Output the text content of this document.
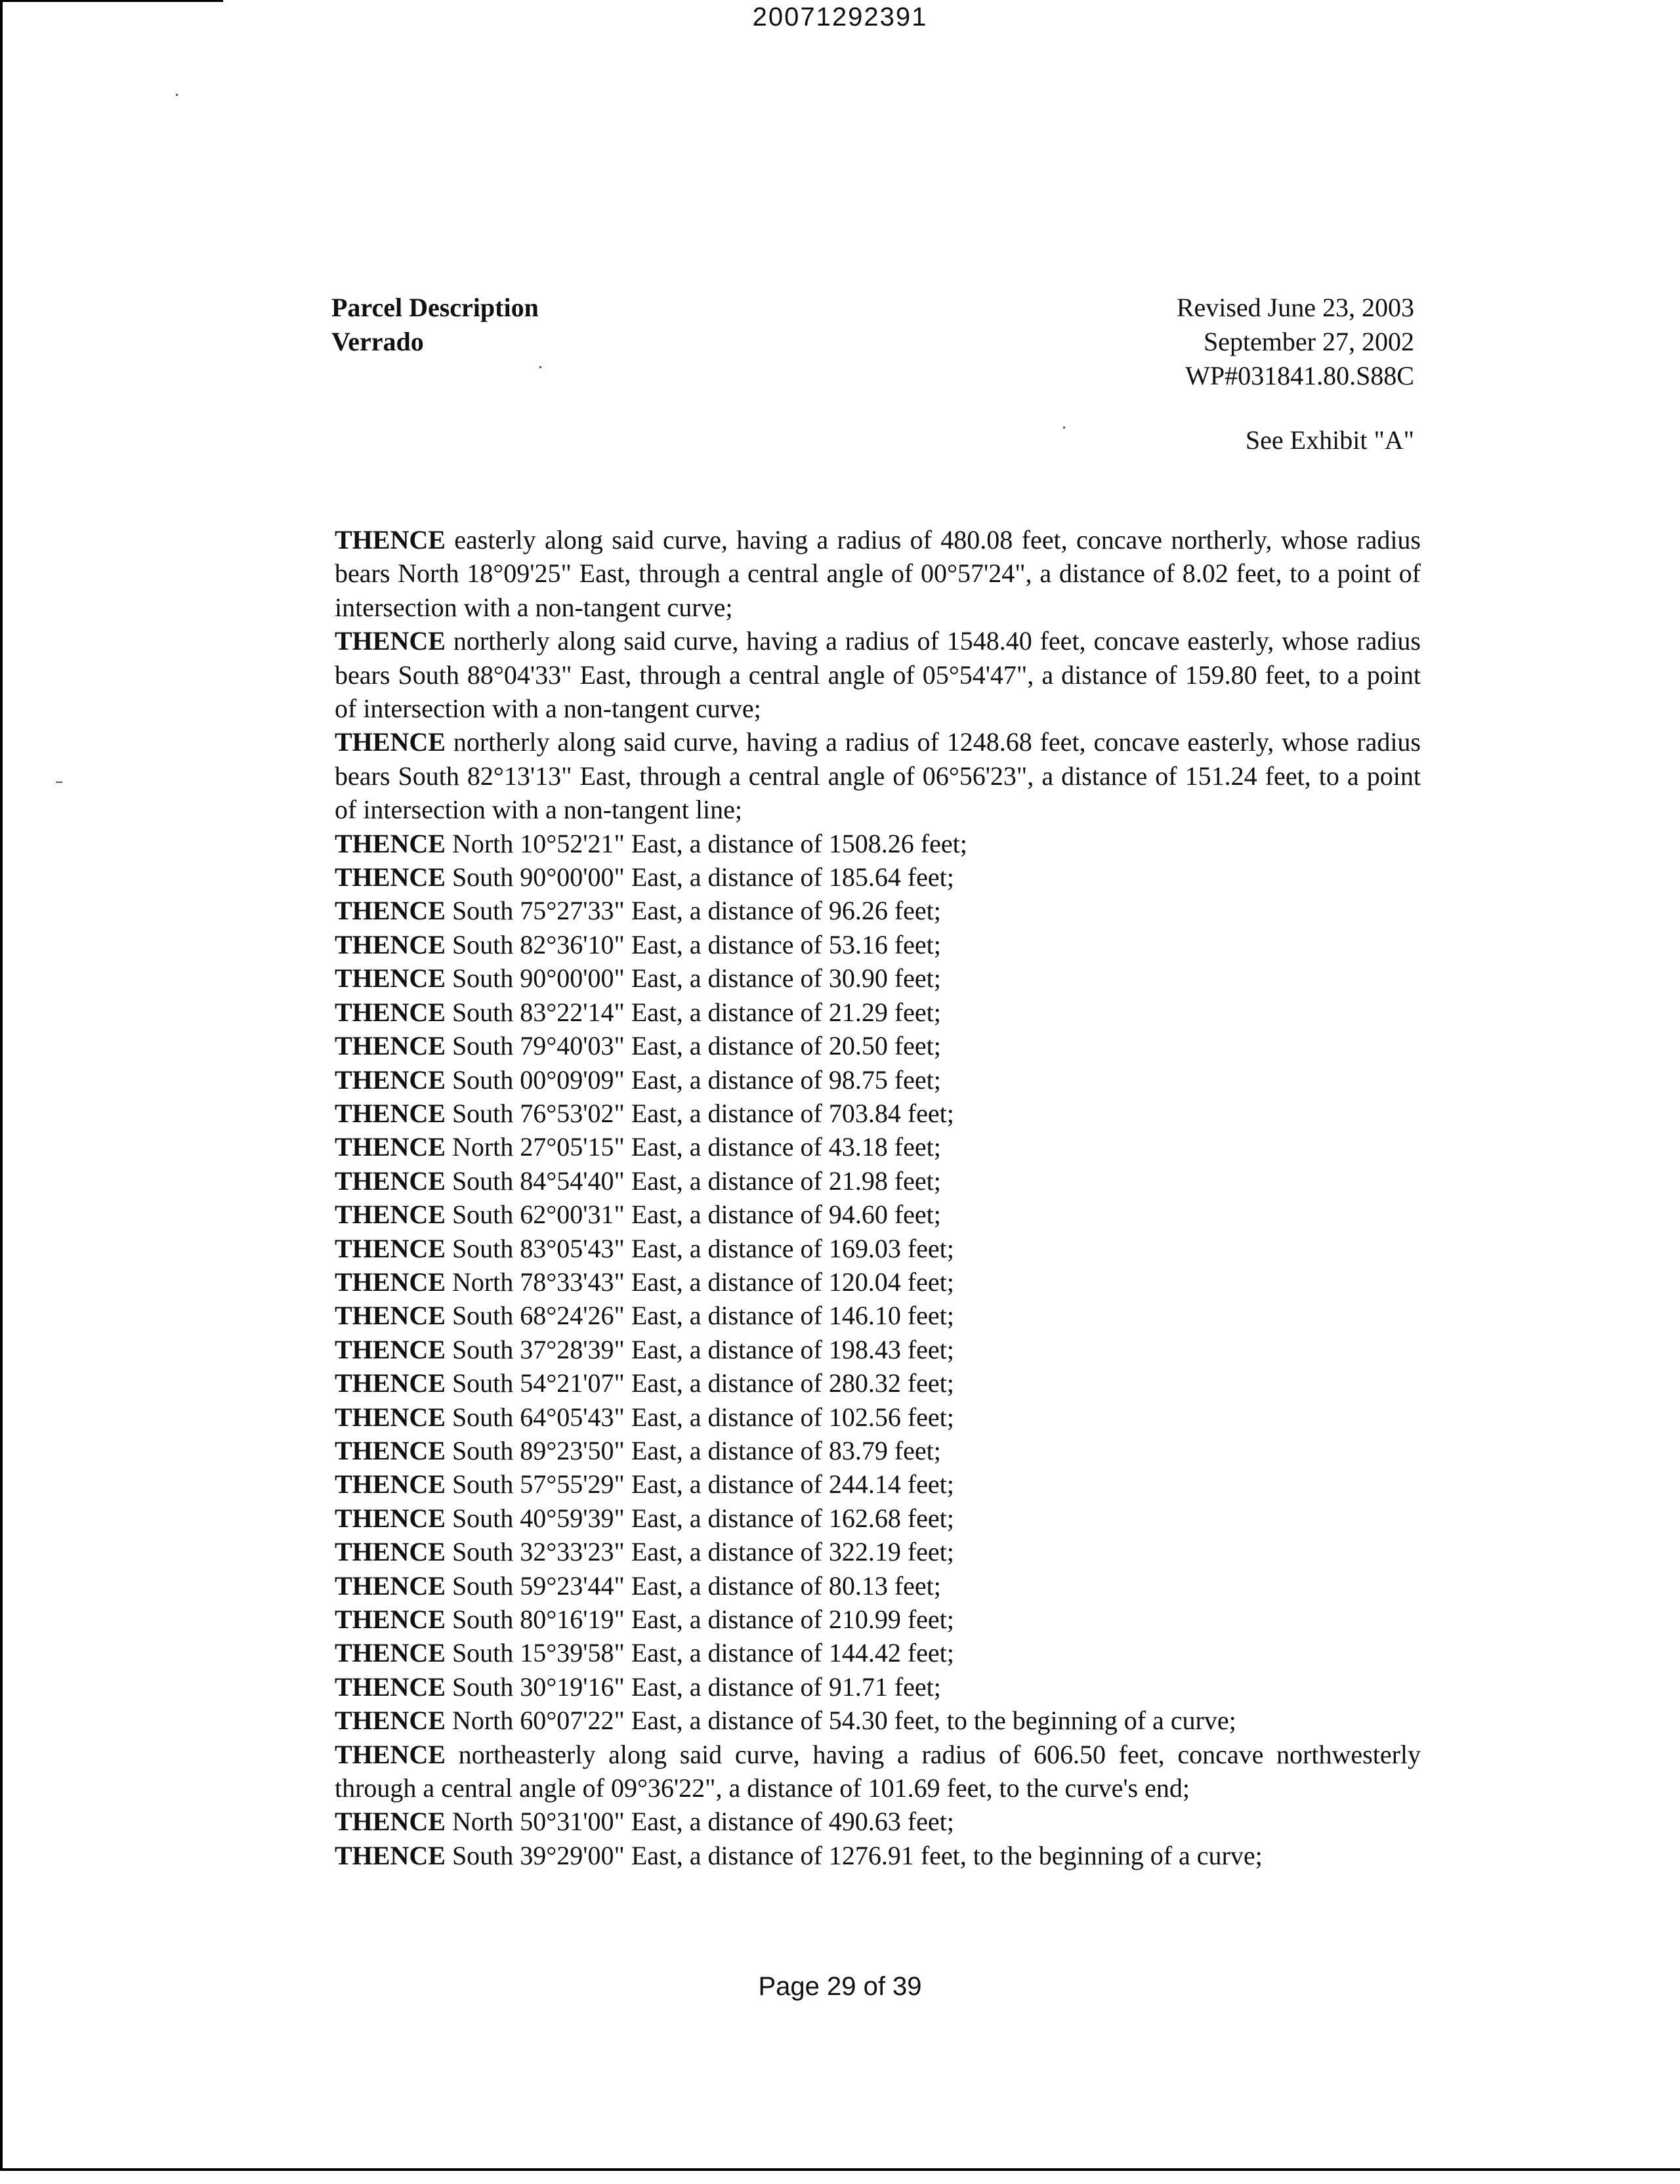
20071292391
Parcel Description
Verrado
Revised June 23, 2003
September 27, 2002
WP#031841.80.S88C
See Exhibit "A"
THENCE easterly along said curve, having a radius of 480.08 feet, concave northerly, whose radius bears North 18°09'25" East, through a central angle of 00°57'24", a distance of 8.02 feet, to a point of intersection with a non-tangent curve;
THENCE northerly along said curve, having a radius of 1548.40 feet, concave easterly, whose radius bears South 88°04'33" East, through a central angle of 05°54'47", a distance of 159.80 feet, to a point of intersection with a non-tangent curve;
THENCE northerly along said curve, having a radius of 1248.68 feet, concave easterly, whose radius bears South 82°13'13" East, through a central angle of 06°56'23", a distance of 151.24 feet, to a point of intersection with a non-tangent line;
THENCE North 10°52'21" East, a distance of 1508.26 feet;
THENCE South 90°00'00" East, a distance of 185.64 feet;
THENCE South 75°27'33" East, a distance of 96.26 feet;
THENCE South 82°36'10" East, a distance of 53.16 feet;
THENCE South 90°00'00" East, a distance of 30.90 feet;
THENCE South 83°22'14" East, a distance of 21.29 feet;
THENCE South 79°40'03" East, a distance of 20.50 feet;
THENCE South 00°09'09" East, a distance of 98.75 feet;
THENCE South 76°53'02" East, a distance of 703.84 feet;
THENCE North 27°05'15" East, a distance of 43.18 feet;
THENCE South 84°54'40" East, a distance of 21.98 feet;
THENCE South 62°00'31" East, a distance of 94.60 feet;
THENCE South 83°05'43" East, a distance of 169.03 feet;
THENCE North 78°33'43" East, a distance of 120.04 feet;
THENCE South 68°24'26" East, a distance of 146.10 feet;
THENCE South 37°28'39" East, a distance of 198.43 feet;
THENCE South 54°21'07" East, a distance of 280.32 feet;
THENCE South 64°05'43" East, a distance of 102.56 feet;
THENCE South 89°23'50" East, a distance of 83.79 feet;
THENCE South 57°55'29" East, a distance of 244.14 feet;
THENCE South 40°59'39" East, a distance of 162.68 feet;
THENCE South 32°33'23" East, a distance of 322.19 feet;
THENCE South 59°23'44" East, a distance of 80.13 feet;
THENCE South 80°16'19" East, a distance of 210.99 feet;
THENCE South 15°39'58" East, a distance of 144.42 feet;
THENCE South 30°19'16" East, a distance of 91.71 feet;
THENCE North 60°07'22" East, a distance of 54.30 feet, to the beginning of a curve;
THENCE northeasterly along said curve, having a radius of 606.50 feet, concave northwesterly through a central angle of 09°36'22", a distance of 101.69 feet, to the curve's end;
THENCE North 50°31'00" East, a distance of 490.63 feet;
THENCE South 39°29'00" East, a distance of 1276.91 feet, to the beginning of a curve;
Page 29 of 39
